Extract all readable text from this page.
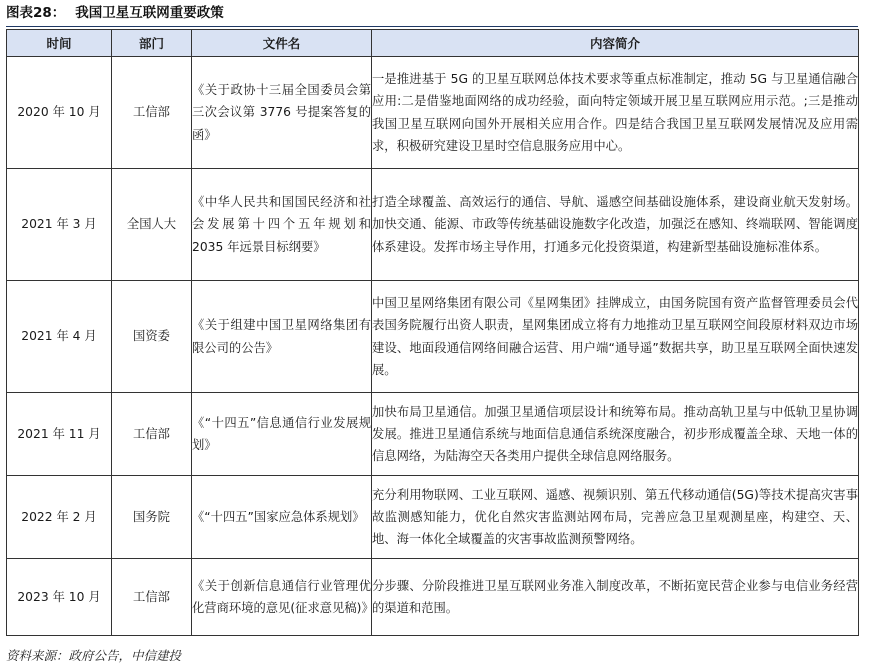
图表28： 我国卫星互联网重要政策
时间	部门	文件名	内容简介
2020 年 10 月	工信部	《关于政协十三届全国委员会第三次会议第 3776 号提案答复的函》	一是推进基于 5G 的卫星互联网总体技术要求等重点标准制定，推动 5G 与卫星通信融合应用:二是借鉴地面网络的成功经验，面向特定领域开展卫星互联网应用示范。;三是推动我国卫星互联网向国外开展相关应用合作。四是结合我国卫星互联网发展情况及应用需求，积极研究建设卫星时空信息服务应用中心。
2021 年 3 月	全国人大	《中华人民共和国国民经济和社会发展第十四个五年规划和 2035 年远景目标纲要》	打造全球覆盖、高效运行的通信、导航、遥感空间基础设施体系，建设商业航天发射场。加快交通、能源、市政等传统基础设施数字化改造，加强泛在感知、终端联网、智能调度体系建设。发挥市场主导作用，打通多元化投资渠道，构建新型基础设施标准体系。
2021 年 4 月	国资委	《关于组建中国卫星网络集团有限公司的公告》	中国卫星网络集团有限公司《星网集团》挂牌成立，由国务院国有资产监督管理委员会代表国务院履行出资人职责，星网集团成立将有力地推动卫星互联网空间段原材料双边市场建设、地面段通信网络间融合运营、用户端“通导遥”数据共享，助卫星互联网全面快速发展。
2021 年 11 月	工信部	《“十四五”信息通信行业发展规划》	加快布局卫星通信。加强卫星通信项层设计和统筹布局。推动高轨卫星与中低轨卫星协调发展。推进卫星通信系统与地面信息通信系统深度融合，初步形成覆盖全球、天地一体的信息网络，为陆海空天各类用户提供全球信息网络服务。
2022 年 2 月	国务院	《“十四五”国家应急体系规划》	充分利用物联网、工业互联网、遥感、视频识别、第五代移动通信(5G)等技术提高灾害事故监测感知能力，优化自然灾害监测站网布局，完善应急卫星观测星座，构建空、天、地、海一体化全域覆盖的灾害事故监测预警网络。
2023 年 10 月	工信部	《关于创新信息通信行业管理优化营商环境的意见(征求意见稿)》	分步骤、分阶段推进卫星互联网业务准入制度改革，不断拓宽民营企业参与电信业务经营的渠道和范围。
资料来源：政府公告，中信建投
